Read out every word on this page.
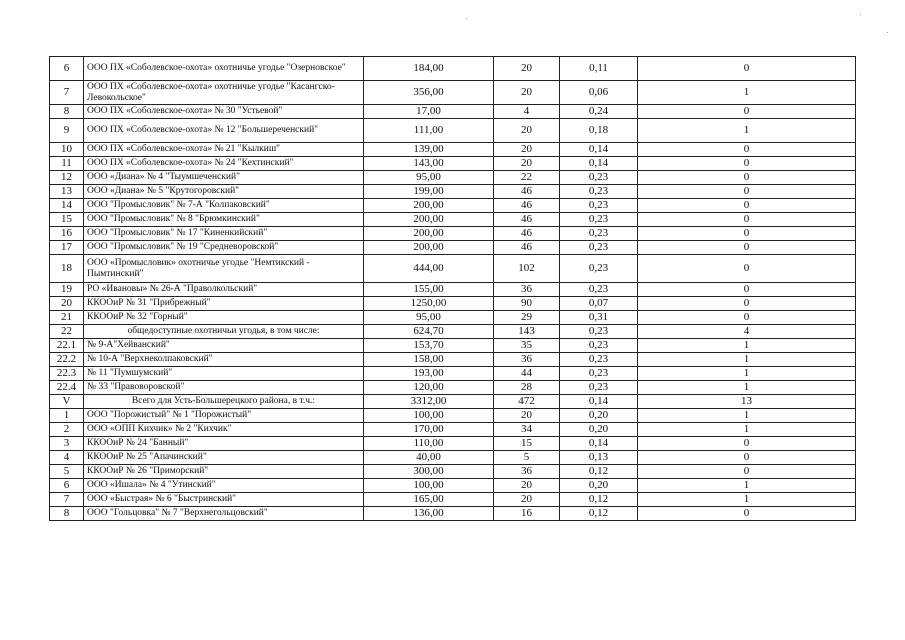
6	ООО ПХ «Соболевское-охота» охотничье угодье "Озерновское"	184,00	20	0,11	0
7	ООО ПХ «Соболевское-охота» охотничье угодье "Касангско-Левокольское"	356,00	20	0,06	1
8	ООО ПХ «Соболевское-охота» № 30 "Устьевой"	17,00	4	0,24	0
9	ООО ПХ «Соболевское-охота» № 12 "Большереченский"	111,00	20	0,18	1
10	ООО ПХ «Соболевское-охота» № 21 "Кылкиш"	139,00	20	0,14	0
11	ООО ПХ «Соболевское-охота» № 24 "Кехтинский"	143,00	20	0,14	0
12	ООО «Диана» № 4 "Тыумшеченский"	95,00	22	0,23	0
13	ООО «Диана» № 5 "Крутогоровский"	199,00	46	0,23	0
14	ООО "Промысловик" № 7-А "Колпаковский"	200,00	46	0,23	0
15	ООО "Промысловик" № 8 "Брюмкинский"	200,00	46	0,23	0
16	ООО "Промысловик" № 17 "Киненкийский"	200,00	46	0,23	0
17	ООО "Промысловик" № 19 "Средневоровской"	200,00	46	0,23	0
18	ООО «Промысловик» охотничье угодье "Немтикский - Пымтинский"	444,00	102	0,23	0
19	РО «Ивановы» № 26-А "Праволкольский"	155,00	36	0,23	0
20	ККООиР № 31 "Прибрежный"	1250,00	90	0,07	0
21	ККООиР № 32 "Горный"	95,00	29	0,31	0
22	общедоступные охотничьи угодья, в том числе:	624,70	143	0,23	4
22.1	№ 9-А"Хейванский"	153,70	35	0,23	1
22.2	№ 10-А "Верхнеколпаковский"	158,00	36	0,23	1
22.3	№ 11 "Пумшумский"	193,00	44	0,23	1
22.4	№ 33 "Правоворовской"	120,00	28	0,23	1
V	Всего для Усть-Большерецкого района, в т.ч.:	3312,00	472	0,14	13
1	ООО "Порожистый" № 1 "Порожистый"	100,00	20	0,20	1
2	ООО «ОПП Кихчик» № 2 "Кихчик"	170,00	34	0,20	1
3	ККООиР № 24 "Банный"	110,00	15	0,14	0
4	ККООиР № 25 "Апачинский"	40,00	5	0,13	0
5	ККООиР № 26 "Приморский"	300,00	36	0,12	0
6	ООО «Ишала» № 4 "Утинский"	100,00	20	0,20	1
7	ООО «Быстрая» № 6 "Быстринский"	165,00	20	0,12	1
8	ООО "Гольцовка" № 7 "Верхнегольцовский"	136,00	16	0,12	0
